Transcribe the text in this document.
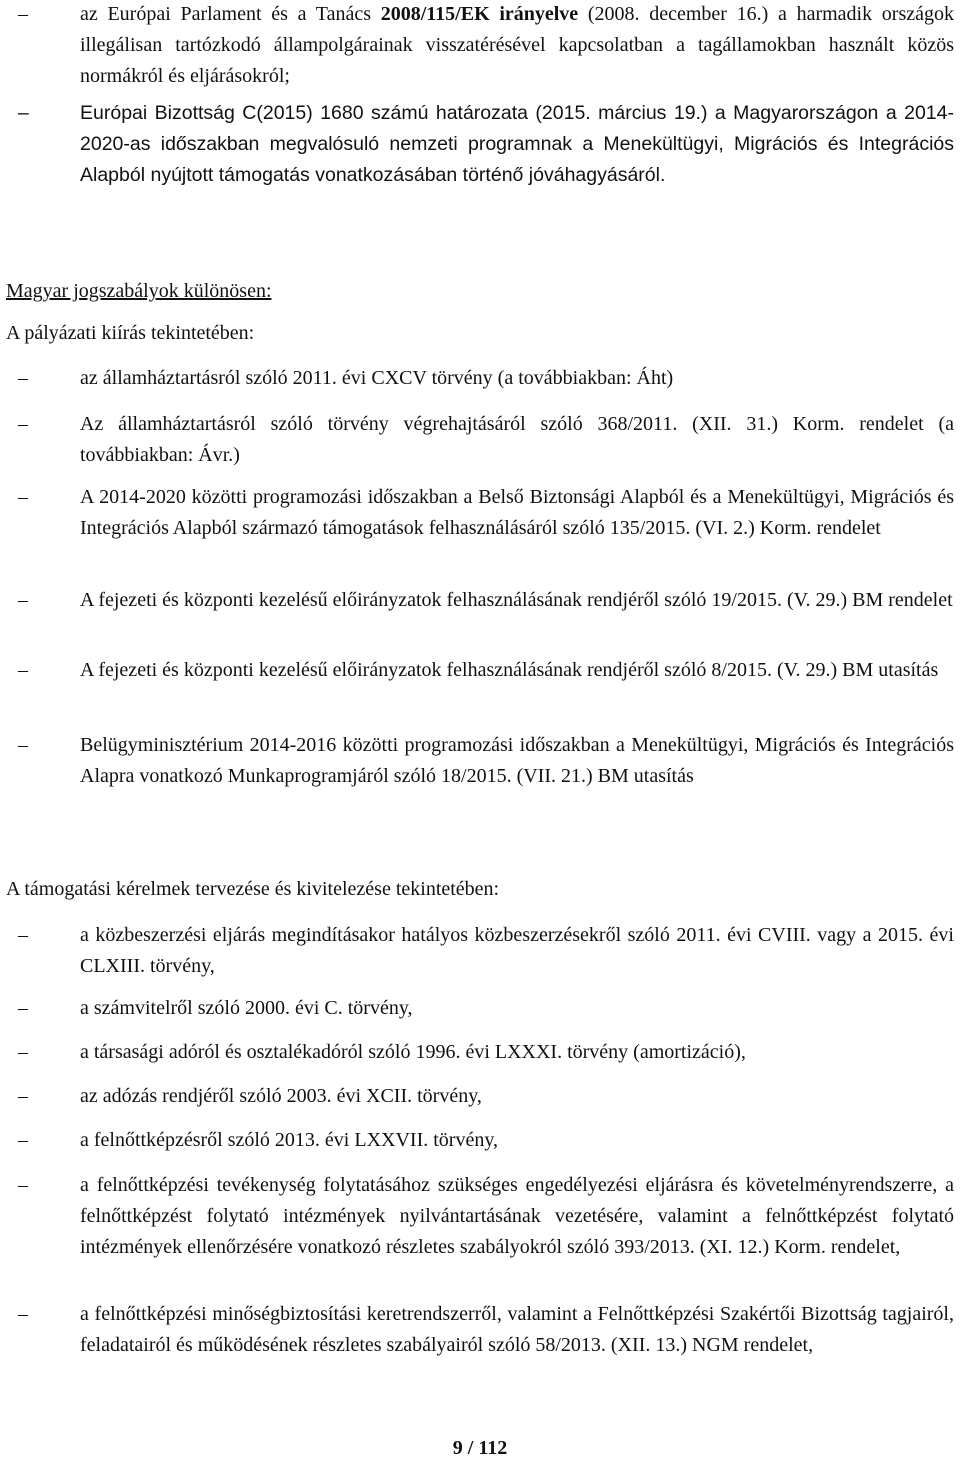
–	az Európai Parlament és a Tanács 2008/115/EK irányelve (2008. december 16.) a harmadik országok illegálisan tartózkodó állampolgárainak visszatérésével kapcsolatban a tagállamokban használt közös normákról és eljárásokról;
–	Európai Bizottság C(2015) 1680 számú határozata (2015. március 19.) a Magyarországon a 2014-2020-as időszakban megvalósuló nemzeti programnak a Menekültügyi, Migrációs és Integrációs Alapból nyújtott támogatás vonatkozásában történő jóváhagyásáról.
Magyar jogszabályok különösen:
A pályázati kiírás tekintetében:
–	az államháztartásról szóló 2011. évi CXCV törvény (a továbbiakban: Áht)
–	Az államháztartásról szóló törvény végrehajtásáról szóló 368/2011. (XII. 31.) Korm. rendelet (a továbbiakban: Ávr.)
–	A 2014-2020 közötti programozási időszakban a Belső Biztonsági Alapból és a Menekültügyi, Migrációs és Integrációs Alapból származó támogatások felhasználásáról szóló 135/2015. (VI. 2.) Korm. rendelet
–	A fejezeti és központi kezelésű előirányzatok felhasználásának rendjéről szóló 19/2015. (V. 29.) BM rendelet
–	A fejezeti és központi kezelésű előirányzatok felhasználásának rendjéről szóló 8/2015. (V. 29.) BM utasítás
–	Belügyminisztérium 2014-2016 közötti programozási időszakban a Menekültügyi, Migrációs és Integrációs Alapra vonatkozó Munkaprogramjáról szóló 18/2015. (VII. 21.) BM utasítás
A támogatási kérelmek tervezése és kivitelezése tekintetében:
–	a közbeszerzési eljárás megindításakor hatályos közbeszerzésekről szóló 2011. évi CVIII. vagy a 2015. évi CLXIII. törvény,
–	a számvitelről szóló 2000. évi C. törvény,
–	a társasági adóról és osztalékadóról szóló 1996. évi LXXXI. törvény (amortizáció),
–	az adózás rendjéről szóló 2003. évi XCII. törvény,
–	a felnőttképzésről szóló 2013. évi LXXVII. törvény,
–	a felnőttképzési tevékenység folytatásához szükséges engedélyezési eljárásra és követelményrendszerre, a felnőttképzést folytató intézmények nyilvántartásának vezetésére, valamint a felnőttképzést folytató intézmények ellenőrzésére vonatkozó részletes szabályokról szóló 393/2013. (XI. 12.) Korm. rendelet,
–	a felnőttképzési minőségbiztosítási keretrendszerről, valamint a Felnőttképzési Szakértői Bizottság tagjairól, feladatairól és működésének részletes szabályairól szóló 58/2013. (XII. 13.) NGM rendelet,
9 / 112
